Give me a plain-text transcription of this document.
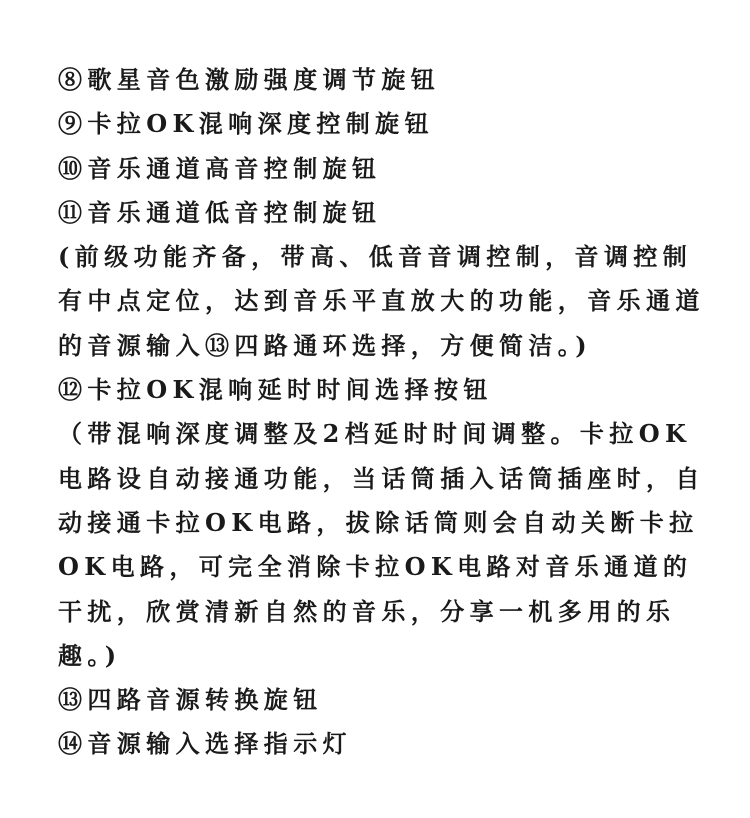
⑧歌星音色激励强度调节旋钮
⑨卡拉OK混响深度控制旋钮
⑩音乐通道高音控制旋钮
⑪音乐通道低音控制旋钮
(前级功能齐备，带高、低音音调控制，音调控制
有中点定位，达到音乐平直放大的功能，音乐通道
的音源输入⑬四路通环选择，方便简洁。)
⑫卡拉OK混响延时时间选择按钮
（带混响深度调整及2档延时时间调整。卡拉OK
电路设自动接通功能，当话筒插入话筒插座时，自
动接通卡拉OK电路，拔除话筒则会自动关断卡拉
OK电路，可完全消除卡拉OK电路对音乐通道的
干扰，欣赏清新自然的音乐，分享一机多用的乐
趣。)
⑬四路音源转换旋钮
⑭音源输入选择指示灯
